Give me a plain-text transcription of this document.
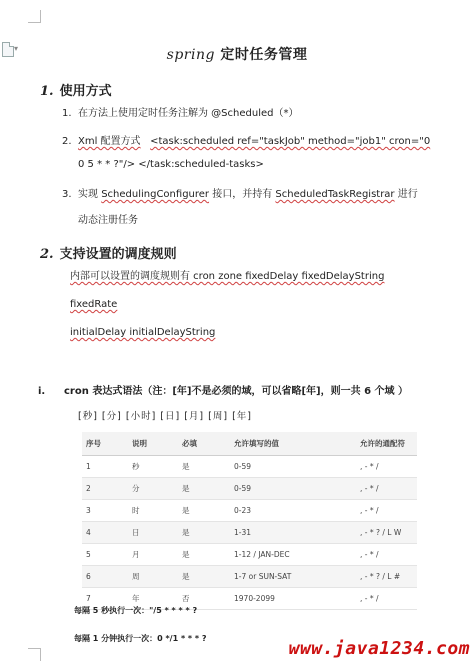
▾	spring 定时任务管理
1. 使用方式
1. 在方法上使用定时任务注解为 @Scheduled（*）
2. Xml 配置方式 <task:scheduled ref="taskJob" method="job1" cron="0
0 5 * * ?"/> </task:scheduled-tasks>
3. 实现 SchedulingConfigurer 接口，并持有 ScheduledTaskRegistrar 进行
动态注册任务
2. 支持设置的调度规则
内部可以设置的调度规则有 cron zone fixedDelay fixedDelayString
fixedRate
initialDelay initialDelayString
i. cron 表达式语法（注：[年]不是必须的域，可以省略[年]，则一共 6 个域 ）
[秒] [分] [小时] [日] [月] [周] [年]
序号	说明	必填	允许填写的值	允许的通配符
1	秒	是	0-59	, - * /
2	分	是	0-59	, - * /
3	时	是	0-23	, - * /
4	日	是	1-31	, - * ? / L W
5	月	是	1-12 / JAN-DEC	, - * /
6	周	是	1-7 or SUN-SAT	, - * ? / L #
7	年	否	1970-2099	, - * /
每隔 5 秒执行一次："/5 * * * * ?
每隔 1 分钟执行一次：0 */1 * * * ?	www.java1234.com
